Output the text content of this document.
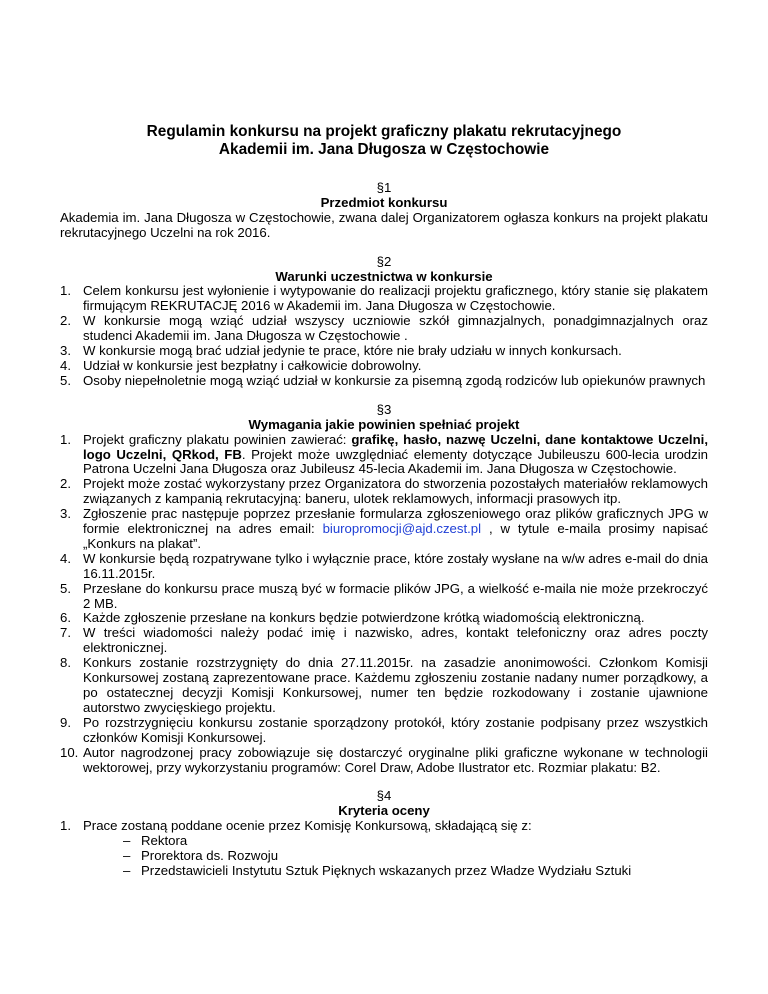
Regulamin konkursu na projekt graficzny plakatu rekrutacyjnego
Akademii im. Jana Długosza w Częstochowie
§1
Przedmiot konkursu
Akademia im. Jana Długosza w Częstochowie, zwana dalej Organizatorem ogłasza konkurs na projekt plakatu rekrutacyjnego Uczelni na rok 2016.
§2
Warunki uczestnictwa w konkursie
1. Celem konkursu jest wyłonienie i wytypowanie do realizacji projektu graficznego, który stanie się plakatem firmującym REKRUTACJĘ 2016 w Akademii im. Jana Długosza w Częstochowie.
2. W konkursie mogą wziąć udział wszyscy uczniowie szkół gimnazjalnych, ponadgimnazjalnych oraz studenci Akademii im. Jana Długosza w Częstochowie .
3. W konkursie mogą brać udział jedynie te prace, które nie brały udziału w innych konkursach.
4. Udział w konkursie jest bezpłatny i całkowicie dobrowolny.
5. Osoby niepełnoletnie mogą wziąć udział w konkursie za pisemną zgodą rodziców lub opiekunów prawnych
§3
Wymagania jakie powinien spełniać projekt
1. Projekt graficzny plakatu powinien zawierać: grafikę, hasło, nazwę Uczelni, dane kontaktowe Uczelni, logo Uczelni, QRkod, FB. Projekt może uwzględniać elementy dotyczące Jubileuszu 600-lecia urodzin Patrona Uczelni Jana Długosza oraz Jubileusz 45-lecia Akademii im. Jana Długosza w Częstochowie.
2. Projekt może zostać wykorzystany przez Organizatora do stworzenia pozostałych materiałów reklamowych związanych z kampanią rekrutacyjną: baneru, ulotek reklamowych, informacji prasowych itp.
3. Zgłoszenie prac następuje poprzez przesłanie formularza zgłoszeniowego oraz plików graficznych JPG w formie elektronicznej na adres email: biuropromocji@ajd.czest.pl , w tytule e-maila prosimy napisać „Konkurs na plakat”.
4. W konkursie będą rozpatrywane tylko i wyłącznie prace, które zostały wysłane na w/w adres e-mail do dnia 16.11.2015r.
5. Przesłane do konkursu prace muszą być w formacie plików JPG, a wielkość e-maila nie może przekroczyć 2 MB.
6. Każde zgłoszenie przesłane na konkurs będzie potwierdzone krótką wiadomością elektroniczną.
7. W treści wiadomości należy podać imię i nazwisko, adres, kontakt telefoniczny oraz adres poczty elektronicznej.
8. Konkurs zostanie rozstrzygnięty do dnia 27.11.2015r. na zasadzie anonimowości. Członkom Komisji Konkursowej zostaną zaprezentowane prace. Każdemu zgłoszeniu zostanie nadany numer porządkowy, a po ostatecznej decyzji Komisji Konkursowej, numer ten będzie rozkodowany i zostanie ujawnione autorstwo zwycięskiego projektu.
9. Po rozstrzygnięciu konkursu zostanie sporządzony protokół, który zostanie podpisany przez wszystkich członków Komisji Konkursowej.
10. Autor nagrodzonej pracy zobowiązuje się dostarczyć oryginalne pliki graficzne wykonane w technologii wektorowej, przy wykorzystaniu programów: Corel Draw, Adobe Ilustrator etc. Rozmiar plakatu: B2.
§4
Kryteria oceny
1. Prace zostaną poddane ocenie przez Komisję Konkursową, składającą się z:
– Rektora
– Prorektora ds. Rozwoju
– Przedstawicieli Instytutu Sztuk Pięknych wskazanych przez Władze Wydziału Sztuki
